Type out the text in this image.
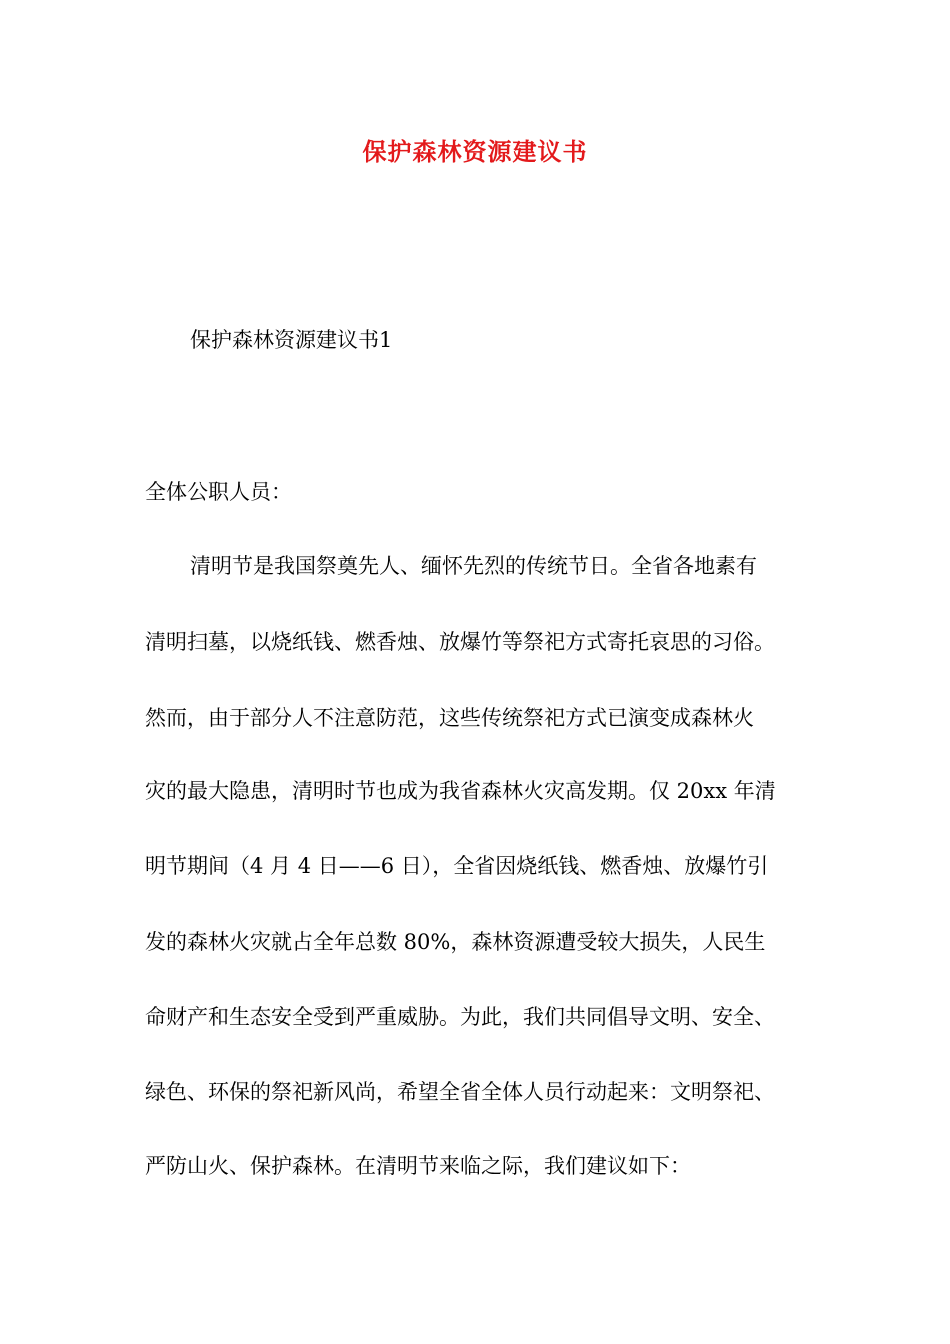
保护森林资源建议书
保护森林资源建议书1
全体公职人员：
清明节是我国祭奠先人、缅怀先烈的传统节日。全省各地素有
清明扫墓，以烧纸钱、燃香烛、放爆竹等祭祀方式寄托哀思的习俗。
然而，由于部分人不注意防范，这些传统祭祀方式已演变成森林火
灾的最大隐患，清明时节也成为我省森林火灾高发期。仅 20xx 年清
明节期间（4 月 4 日——6 日），全省因烧纸钱、燃香烛、放爆竹引
发的森林火灾就占全年总数 80%，森林资源遭受较大损失，人民生
命财产和生态安全受到严重威胁。为此，我们共同倡导文明、安全、
绿色、环保的祭祀新风尚，希望全省全体人员行动起来：文明祭祀、
严防山火、保护森林。在清明节来临之际，我们建议如下：
